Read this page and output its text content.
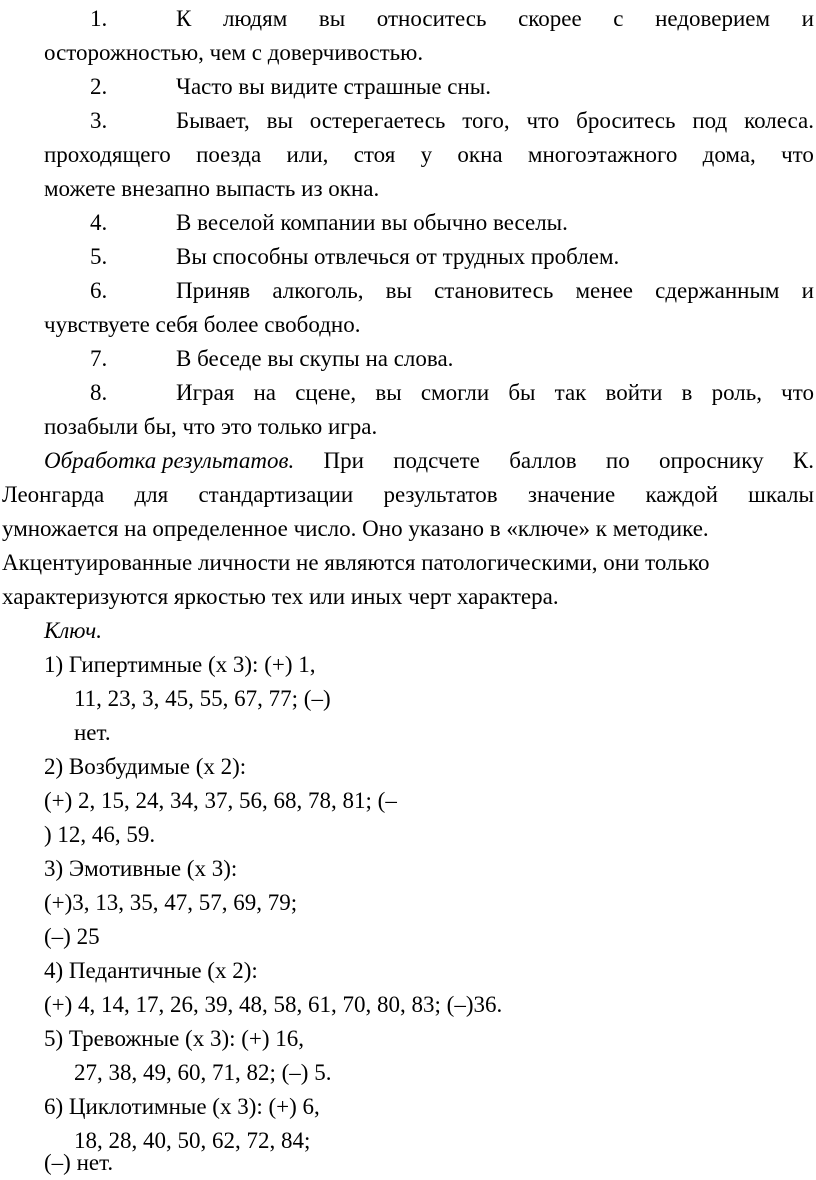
1.	К людям вы относитесь скорее с недоверием и
осторожностью, чем с доверчивостью.
2.	Часто вы видите страшные сны.
3.	Бывает, вы остерегаетесь того, что броситесь под колеса.
проходящего поезда или, стоя у окна многоэтажного дома, что
можете внезапно выпасть из окна.
4.	В веселой компании вы обычно веселы.
5.	Вы способны отвлечься от трудных проблем.
6.	Приняв алкоголь, вы становитесь менее сдержанным и
чувствуете себя более свободно.
7.	В беседе вы скупы на слова.
8.	Играя на сцене, вы смогли бы так войти в роль, что
позабыли бы, что это только игра.
Обработка результатов. При подсчете баллов по опроснику К.
Леонгарда для стандартизации результатов значение каждой шкалы
умножается на определенное число. Оно указано в «ключе» к методике.
Акцентуированные личности не являются патологическими, они только
характеризуются яркостью тех или иных черт характера.
Ключ.
1) Гипертимные (x 3): (+) 1,
11, 23, 3, 45, 55, 67, 77; (–)
нет.
2) Возбудимые (x 2):
(+) 2, 15, 24, 34, 37, 56, 68, 78, 81; (–
) 12, 46, 59.
3) Эмотивные (x 3):
(+)3, 13, 35, 47, 57, 69, 79;
(–) 25
4) Педантичные (x 2):
(+) 4, 14, 17, 26, 39, 48, 58, 61, 70, 80, 83; (–)36.
5) Тревожные (x 3): (+) 16,
27, 38, 49, 60, 71, 82; (–) 5.
6) Циклотимные (x 3): (+) 6,
18, 28, 40, 50, 62, 72, 84;
(–) нет.
